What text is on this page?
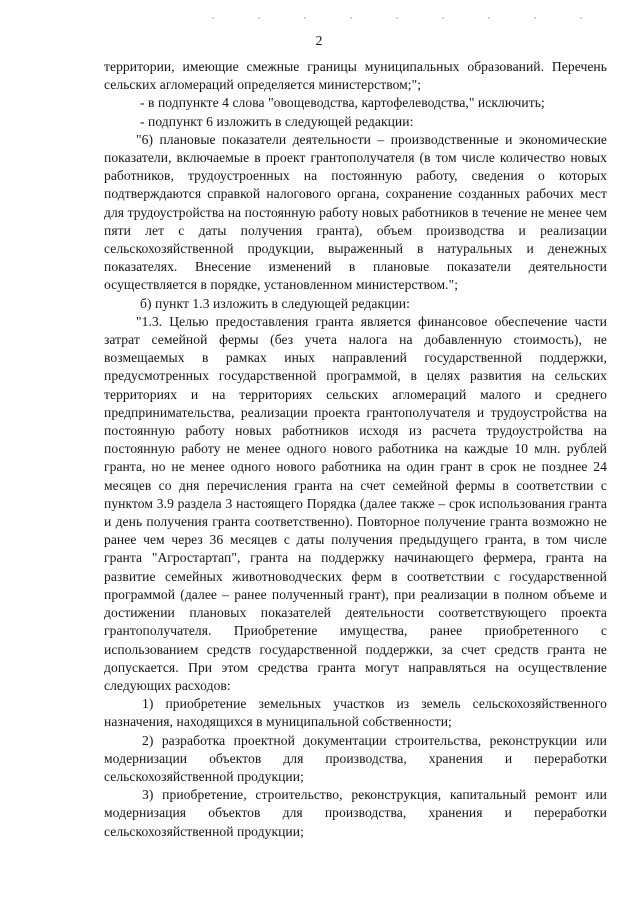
2

территории, имеющие смежные границы муниципальных образований. Перечень сельских агломераций определяется министерством;";

- в подпункте 4 слова "овощеводства, картофелеводства," исключить;

- подпункт 6 изложить в следующей редакции:

"6) плановые показатели деятельности – производственные и экономические показатели, включаемые в проект грантополучателя (в том числе количество новых работников, трудоустроенных на постоянную работу, сведения о которых подтверждаются справкой налогового органа, сохранение созданных рабочих мест для трудоустройства на постоянную работу новых работников в течение не менее чем пяти лет с даты получения гранта), объем производства и реализации сельскохозяйственной продукции, выраженный в натуральных и денежных показателях. Внесение изменений в плановые показатели деятельности осуществляется в порядке, установленном министерством.";

б) пункт 1.3 изложить в следующей редакции:

"1.3. Целью предоставления гранта является финансовое обеспечение части затрат семейной фермы (без учета налога на добавленную стоимость), не возмещаемых в рамках иных направлений государственной поддержки, предусмотренных государственной программой, в целях развития на сельских территориях и на территориях сельских агломераций малого и среднего предпринимательства, реализации проекта грантополучателя и трудоустройства на постоянную работу новых работников исходя из расчета трудоустройства на постоянную работу не менее одного нового работника на каждые 10 млн. рублей гранта, но не менее одного нового работника на один грант в срок не позднее 24 месяцев со дня перечисления гранта на счет семейной фермы в соответствии с пунктом 3.9 раздела 3 настоящего Порядка (далее также – срок использования гранта и день получения гранта соответственно). Повторное получение гранта возможно не ранее чем через 36 месяцев с даты получения предыдущего гранта, в том числе гранта "Агростартап", гранта на поддержку начинающего фермера, гранта на развитие семейных животноводческих ферм в соответствии с государственной программой (далее – ранее полученный грант), при реализации в полном объеме и достижении плановых показателей деятельности соответствующего проекта грантополучателя. Приобретение имущества, ранее приобретенного с использованием средств государственной поддержки, за счет средств гранта не допускается. При этом средства гранта могут направляться на осуществление следующих расходов:

1) приобретение земельных участков из земель сельскохозяйственного назначения, находящихся в муниципальной собственности;

2) разработка проектной документации строительства, реконструкции или модернизации объектов для производства, хранения и переработки сельскохозяйственной продукции;

3) приобретение, строительство, реконструкция, капитальный ремонт или модернизация объектов для производства, хранения и переработки сельскохозяйственной продукции;
